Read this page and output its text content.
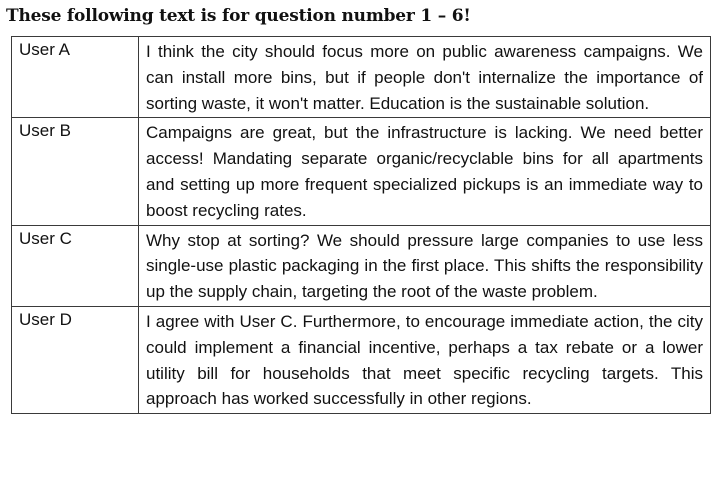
These following text is for question number 1 – 6!
User A	I think the city should focus more on public awareness campaigns. We can install more bins, but if people don't internalize the importance of sorting waste, it won't matter. Education is the sustainable solution.
User B	Campaigns are great, but the infrastructure is lacking. We need better access! Mandating separate organic/recyclable bins for all apartments and setting up more frequent specialized pickups is an immediate way to boost recycling rates.
User C	Why stop at sorting? We should pressure large companies to use less single-use plastic packaging in the first place. This shifts the responsibility up the supply chain, targeting the root of the waste problem.
User D	I agree with User C. Furthermore, to encourage immediate action, the city could implement a financial incentive, perhaps a tax rebate or a lower utility bill for households that meet specific recycling targets. This approach has worked successfully in other regions.
